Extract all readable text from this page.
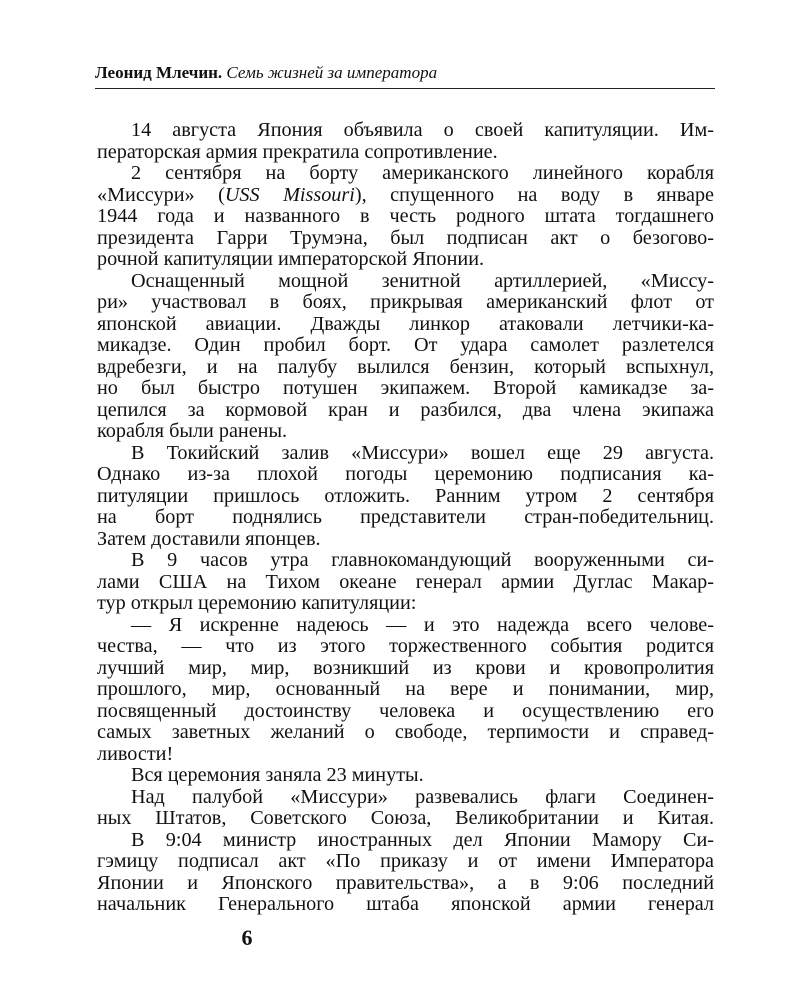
Леонид Млечин. Семь жизней за императора
14 августа Япония объявила о своей капитуляции. Им-
ператорская армия прекратила сопротивление.
2 сентября на борту американского линейного корабля
«Миссури» (USS Missouri), спущенного на воду в январе
1944 года и названного в честь родного штата тогдашнего
президента Гарри Трумэна, был подписан акт о безогово-
рочной капитуляции императорской Японии.
Оснащенный мощной зенитной артиллерией, «Миссу-
ри» участвовал в боях, прикрывая американский флот от
японской авиации. Дважды линкор атаковали летчики-ка-
микадзе. Один пробил борт. От удара самолет разлетелся
вдребезги, и на палубу вылился бензин, который вспыхнул,
но был быстро потушен экипажем. Второй камикадзе за-
цепился за кормовой кран и разбился, два члена экипажа
корабля были ранены.
В Токийский залив «Миссури» вошел еще 29 августа.
Однако из-за плохой погоды церемонию подписания ка-
питуляции пришлось отложить. Ранним утром 2 сентября
на борт поднялись представители стран-победительниц.
Затем доставили японцев.
В 9 часов утра главнокомандующий вооруженными си-
лами США на Тихом океане генерал армии Дуглас Макар-
тур открыл церемонию капитуляции:
— Я искренне надеюсь — и это надежда всего челове-
чества, — что из этого торжественного события родится
лучший мир, мир, возникший из крови и кровопролития
прошлого, мир, основанный на вере и понимании, мир,
посвященный достоинству человека и осуществлению его
самых заветных желаний о свободе, терпимости и справед-
ливости!
Вся церемония заняла 23 минуты.
Над палубой «Миссури» развевались флаги Соединен-
ных Штатов, Советского Союза, Великобритании и Китая.
В 9:04 министр иностранных дел Японии Мамору Си-
гэмицу подписал акт «По приказу и от имени Императора
Японии и Японского правительства», а в 9:06 последний
начальник Генерального штаба японской армии генерал
6
